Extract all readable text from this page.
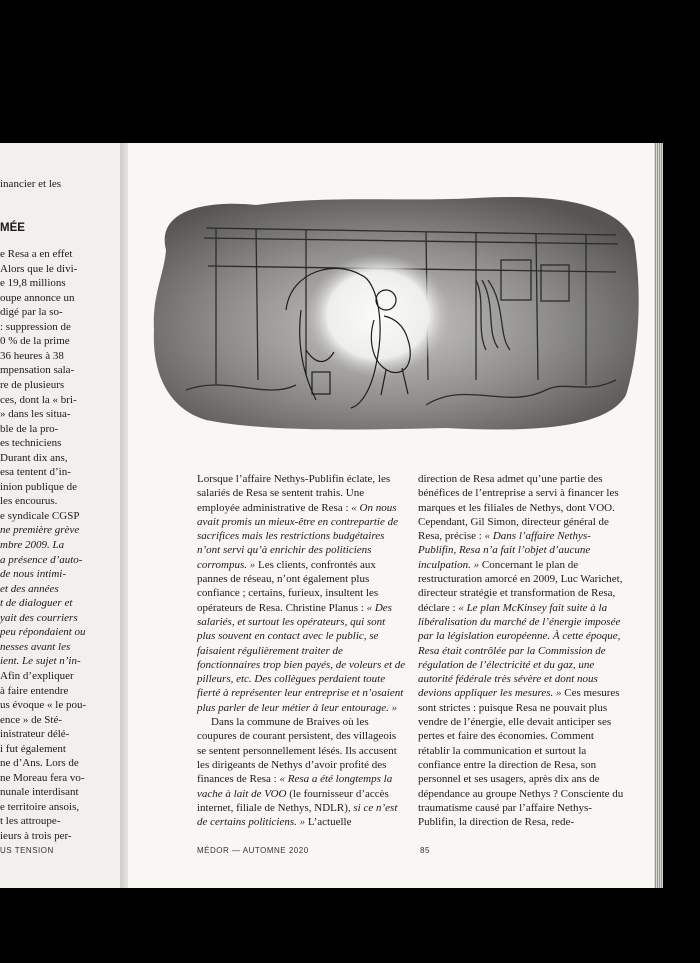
inancier et les
MÉE
e Resa a en effet
Alors que le divi-
e 19,8 millions
oupe annonce un
digé par la so-
: suppression de
0 % de la prime
36 heures à 38
mpensation sala-
re de plusieurs
ces, dont la « bri-
» dans les situa-
ble de la pro-
es techniciens
Durant dix ans,
esa tentent d’in-
inion publique de
les encourus.
e syndicale CGSP
ne première grève
mbre 2009. La
a présence d’auto-
de nous intimi-
et des années
t de dialoguer et
yait des courriers
peu répondaient ou
nesses avant les
ient. Le sujet n’in-
Afin d’expliquer
à faire entendre
us évoque « le pou-
ence » de Sté-
inistrateur délé-
i fut également
ne d’Ans. Lors de
ne Moreau fera vo-
nunale interdisant
e territoire ansois,
t les attroupe-
ieurs à trois per-

Lorsque l’affaire Nethys-Publifin éclate, les salariés de Resa se sentent trahis. Une employée administrative de Resa : « On nous avait promis un mieux-être en contrepartie de sacrifices mais les restrictions budgétaires n’ont servi qu’à enrichir des politiciens corrompus. » Les clients, confrontés aux pannes de réseau, n’ont également plus confiance ; certains, furieux, insultent les opérateurs de Resa. Christine Planus : « Des salariés, et surtout les opérateurs, qui sont plus souvent en contact avec le public, se faisaient régulièrement traiter de fonctionnaires trop bien payés, de voleurs et de pilleurs, etc. Des collègues perdaient toute fierté à représenter leur entreprise et n’osaient plus parler de leur métier à leur entourage. »

Dans la commune de Braives où les coupures de courant persistent, des villageois se sentent personnellement lésés. Ils accusent les dirigeants de Nethys d’avoir profité des finances de Resa : « Resa a été longtemps la vache à lait de VOO (le fournisseur d’accès internet, filiale de Nethys, NDLR), si ce n’est de certains politiciens. » L’actuelle

direction de Resa admet qu’une partie des bénéfices de l’entreprise a servi à financer les marques et les filiales de Nethys, dont VOO. Cependant, Gil Simon, directeur général de Resa, précise : « Dans l’affaire Nethys-Publifin, Resa n’a fait l’objet d’aucune inculpation. » Concernant le plan de restructuration amorcé en 2009, Luc Warichet, directeur stratégie et transformation de Resa, déclare : « Le plan McKinsey fait suite à la libéralisation du marché de l’énergie imposée par la législation européenne. À cette époque, Resa était contrôlée par la Commission de régulation de l’électricité et du gaz, une autorité fédérale très sévère et dont nous devions appliquer les mesures. » Ces mesures sont strictes : puisque Resa ne pouvait plus vendre de l’énergie, elle devait anticiper ses pertes et faire des économies. Comment rétablir la communication et surtout la confiance entre la direction de Resa, son personnel et ses usagers, après dix ans de dépendance au groupe Nethys ? Consciente du traumatisme causé par l’affaire Nethys-Publifin, la direction de Resa, rede-

US TENSION	MÉDOR — AUTOMNE 2020	85
